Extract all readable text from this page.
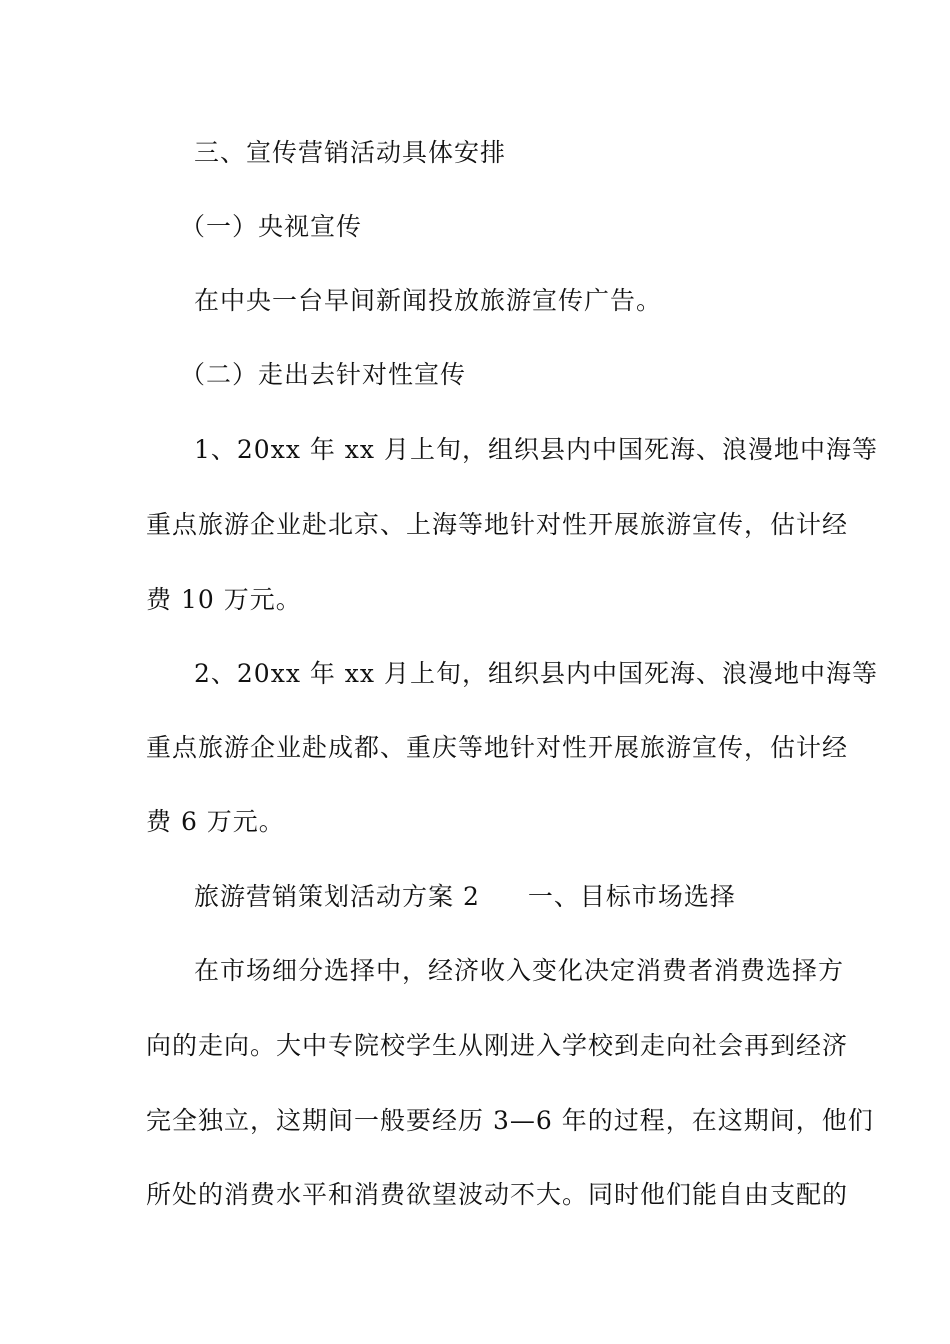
三、宣传营销活动具体安排
（一）央视宣传
在中央一台早间新闻投放旅游宣传广告。
（二）走出去针对性宣传
1、20xx 年 xx 月上旬，组织县内中国死海、浪漫地中海等
重点旅游企业赴北京、上海等地针对性开展旅游宣传，估计经
费 10 万元。
2、20xx 年 xx 月上旬，组织县内中国死海、浪漫地中海等
重点旅游企业赴成都、重庆等地针对性开展旅游宣传，估计经
费 6 万元。
旅游营销策划活动方案 2 一、目标市场选择
在市场细分选择中，经济收入变化决定消费者消费选择方
向的走向。大中专院校学生从刚进入学校到走向社会再到经济
完全独立，这期间一般要经历 3—6 年的过程，在这期间，他们
所处的消费水平和消费欲望波动不大。同时他们能自由支配的
